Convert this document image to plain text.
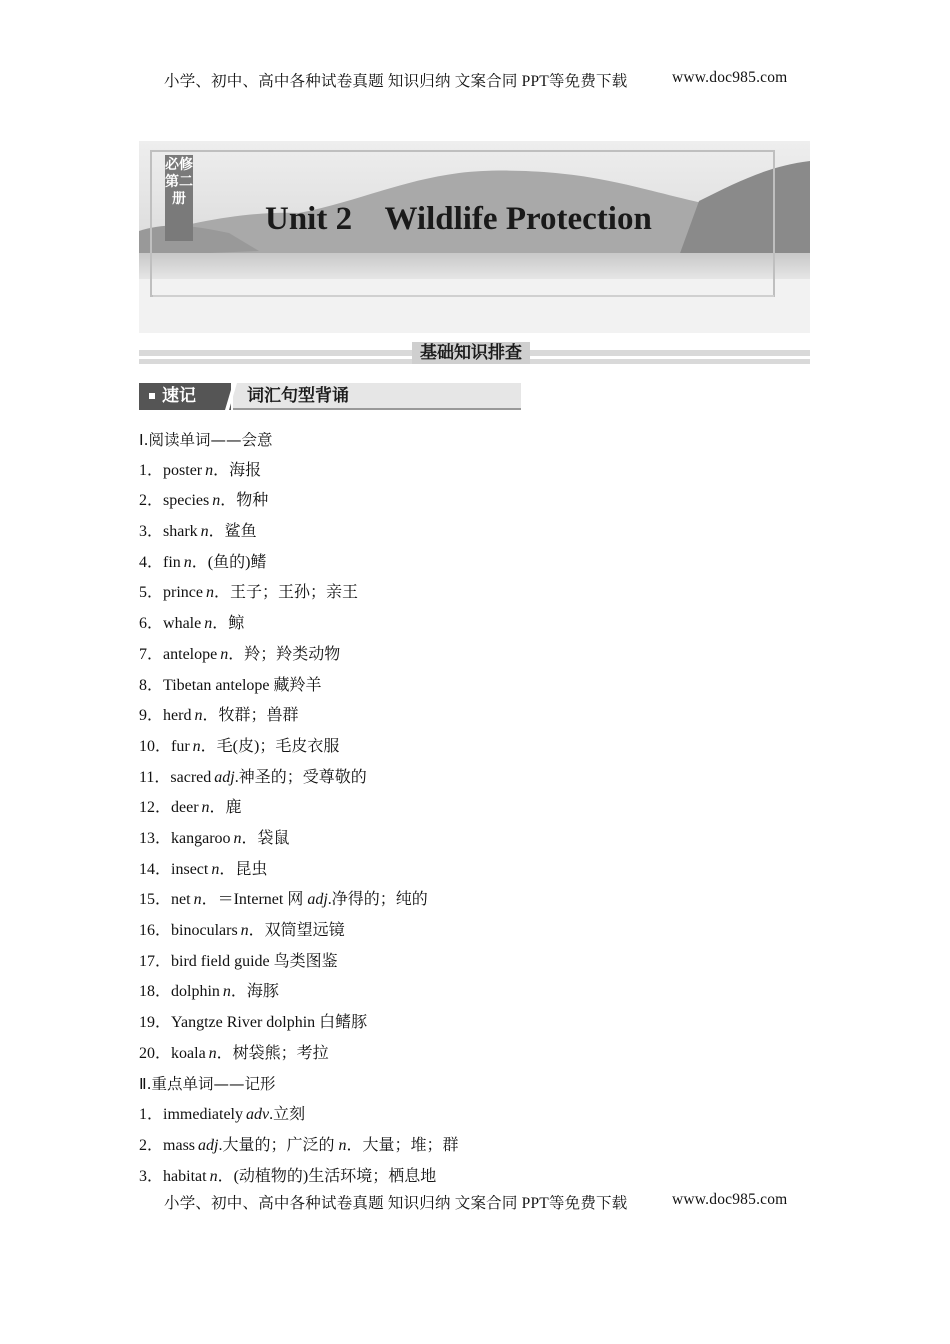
小学、初中、高中各种试卷真题 知识归纳 文案合同 PPT等免费下载	www.doc985.com
必修第二册
Unit 2    Wildlife Protection
基础知识排查
速记	词汇句型背诵
Ⅰ.阅读单词——会意
1．poster n．海报
2．species n．物种
3．shark n．鲨鱼
4．fin n．(鱼的)鳍
5．prince n．王子；王孙；亲王
6．whale n．鲸
7．antelope n．羚；羚类动物
8．Tibetan antelope 藏羚羊
9．herd n．牧群；兽群
10．fur n．毛(皮)；毛皮衣服
11．sacred adj.神圣的；受尊敬的
12．deer n．鹿
13．kangaroo n．袋鼠
14．insect n．昆虫
15．net n．＝Internet 网 adj.净得的；纯的
16．binoculars n．双筒望远镜
17．bird field guide 鸟类图鉴
18．dolphin n．海豚
19．Yangtze River dolphin 白鳍豚
20．koala n．树袋熊；考拉
Ⅱ.重点单词——记形
1．immediately adv.立刻
2．mass adj.大量的；广泛的 n．大量；堆；群
3．habitat n．(动植物的)生活环境；栖息地
小学、初中、高中各种试卷真题 知识归纳 文案合同 PPT等免费下载	www.doc985.com
